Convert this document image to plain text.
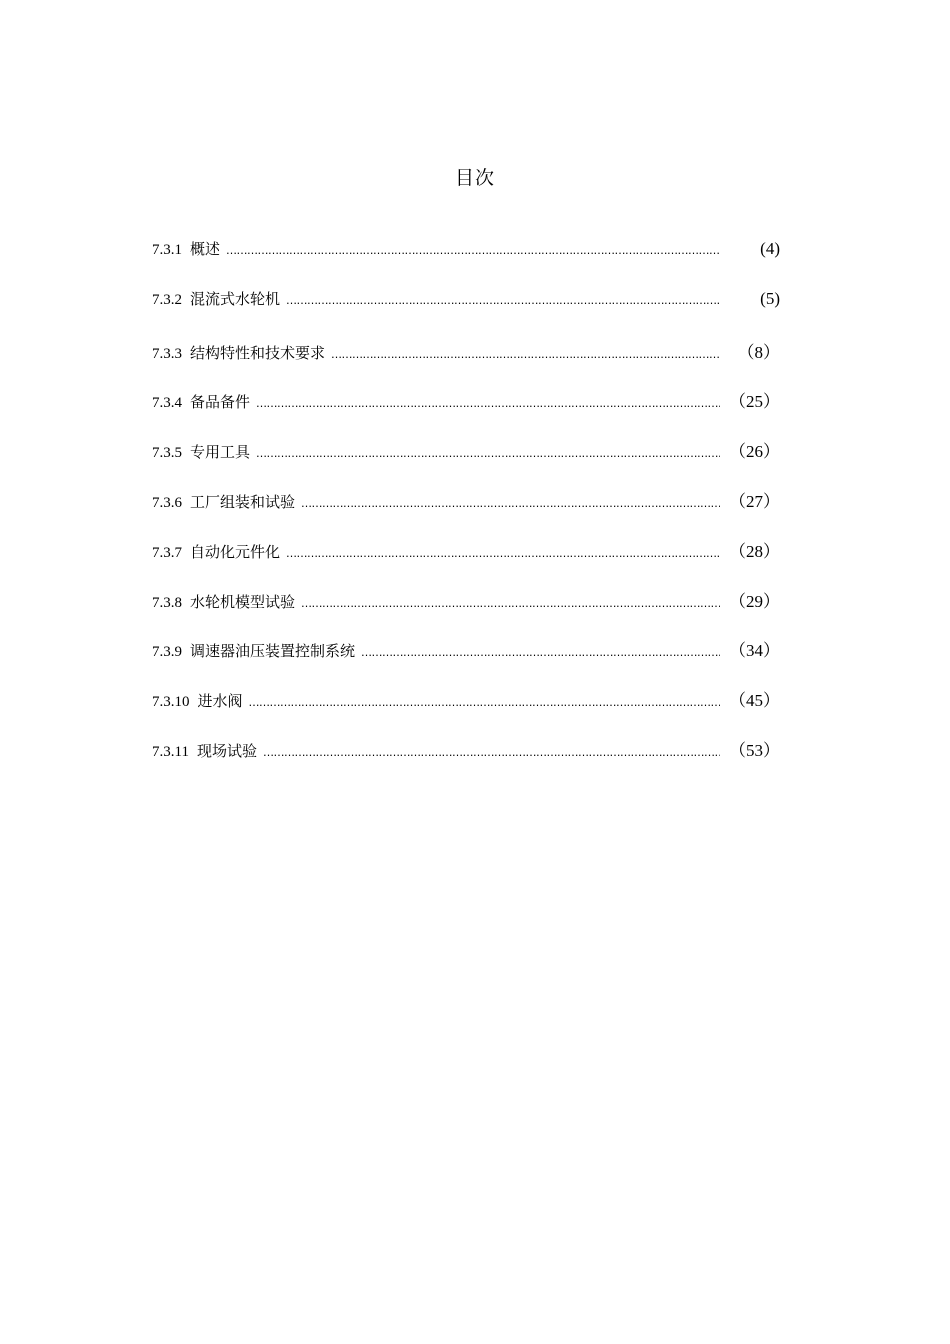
目次
7.3.1 概述 …………………………………………………………………………………………………………………………………………………………………………………………………	(4)
7.3.2 混流式水轮机 …………………………………………………………………………………………………………………………………………………………………………………………………	(5)
7.3.3 结构特性和技术要求 …………………………………………………………………………………………………………………………………………………………………………………………………	（8）
7.3.4 备品备件 …………………………………………………………………………………………………………………………………………………………………………………………………	（25）
7.3.5 专用工具 …………………………………………………………………………………………………………………………………………………………………………………………………	（26）
7.3.6 工厂组装和试验 …………………………………………………………………………………………………………………………………………………………………………………………………	（27）
7.3.7 自动化元件化 …………………………………………………………………………………………………………………………………………………………………………………………………	（28）
7.3.8 水轮机模型试验 …………………………………………………………………………………………………………………………………………………………………………………………………	（29）
7.3.9 调速器油压装置控制系统 …………………………………………………………………………………………………………………………………………………………………………………………………	（34）
7.3.10 进水阀 …………………………………………………………………………………………………………………………………………………………………………………………………	（45）
7.3.11 现场试验 …………………………………………………………………………………………………………………………………………………………………………………………………	（53）
